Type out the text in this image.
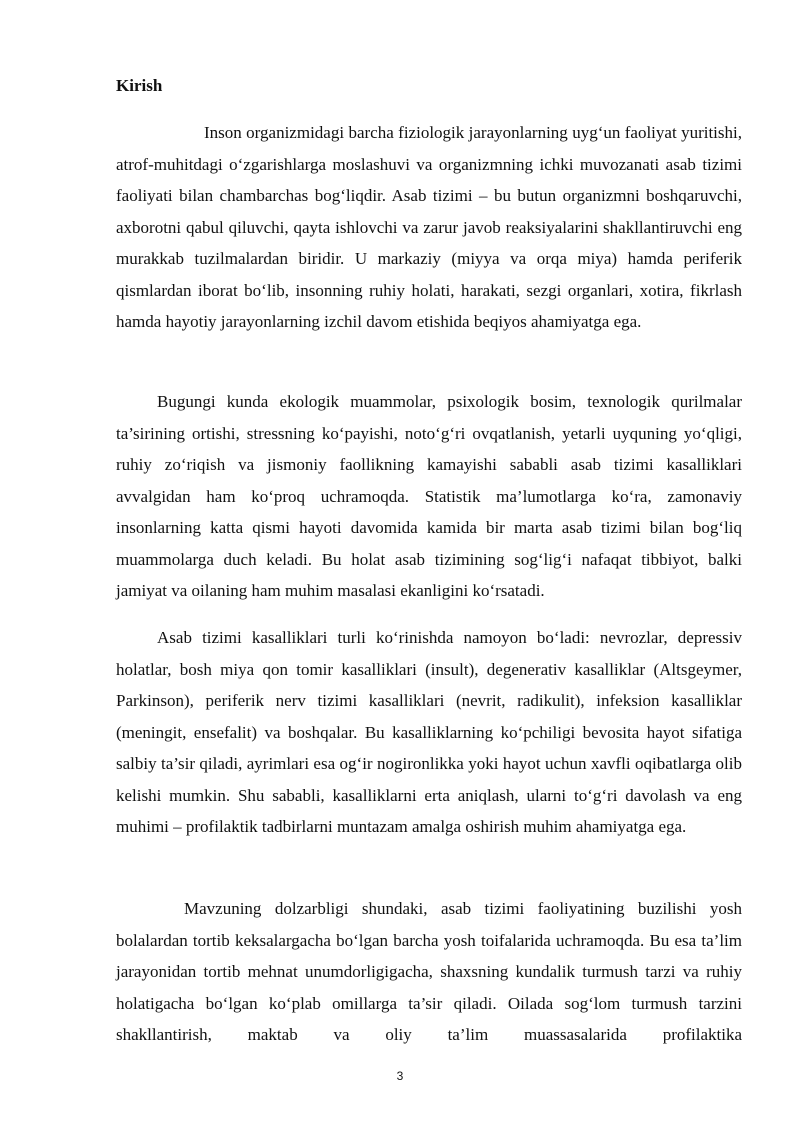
Kirish

Inson organizmidagi barcha fiziologik jarayonlarning uyg‘un faoliyat yuritishi, atrof-muhitdagi o‘zgarishlarga moslashuvi va organizmning ichki muvozanati asab tizimi faoliyati bilan chambarchas bog‘liqdir. Asab tizimi – bu butun organizmni boshqaruvchi, axborotni qabul qiluvchi, qayta ishlovchi va zarur javob reaksiyalarini shakllantiruvchi eng murakkab tuzilmalardan biridir. U markaziy (miyya va orqa miya) hamda periferik qismlardan iborat bo‘lib, insonning ruhiy holati, harakati, sezgi organlari, xotira, fikrlash hamda hayotiy jarayonlarning izchil davom etishida beqiyos ahamiyatga ega.

Bugungi kunda ekologik muammolar, psixologik bosim, texnologik qurilmalar ta’sirining ortishi, stressning ko‘payishi, noto‘g‘ri ovqatlanish, yetarli uyquning yo‘qligi, ruhiy zo‘riqish va jismoniy faollikning kamayishi sababli asab tizimi kasalliklari avvalgidan ham ko‘proq uchramoqda. Statistik ma’lumotlarga ko‘ra, zamonaviy insonlarning katta qismi hayoti davomida kamida bir marta asab tizimi bilan bog‘liq muammolarga duch keladi. Bu holat asab tizimining sog‘lig‘i nafaqat tibbiyot, balki jamiyat va oilaning ham muhim masalasi ekanligini ko‘rsatadi.

Asab tizimi kasalliklari turli ko‘rinishda namoyon bo‘ladi: nevrozlar, depressiv holatlar, bosh miya qon tomir kasalliklari (insult), degenerativ kasalliklar (Altsgeymer, Parkinson), periferik nerv tizimi kasalliklari (nevrit, radikulit), infeksion kasalliklar (meningit, ensefalit) va boshqalar. Bu kasalliklarning ko‘pchiligi bevosita hayot sifatiga salbiy ta’sir qiladi, ayrimlari esa og‘ir nogironlikka yoki hayot uchun xavfli oqibatlarga olib kelishi mumkin. Shu sababli, kasalliklarni erta aniqlash, ularni to‘g‘ri davolash va eng muhimi – profilaktik tadbirlarni muntazam amalga oshirish muhim ahamiyatga ega.

Mavzuning dolzarbligi shundaki, asab tizimi faoliyatining buzilishi yosh bolalardan tortib keksalargacha bo‘lgan barcha yosh toifalarida uchramoqda. Bu esa ta’lim jarayonidan tortib mehnat unumdorligigacha, shaxsning kundalik turmush tarzi va ruhiy holatigacha bo‘lgan ko‘plab omillarga ta’sir qiladi. Oilada sog‘lom turmush tarzini shakllantirish, maktab va oliy ta’lim muassasalarida profilaktika

3
